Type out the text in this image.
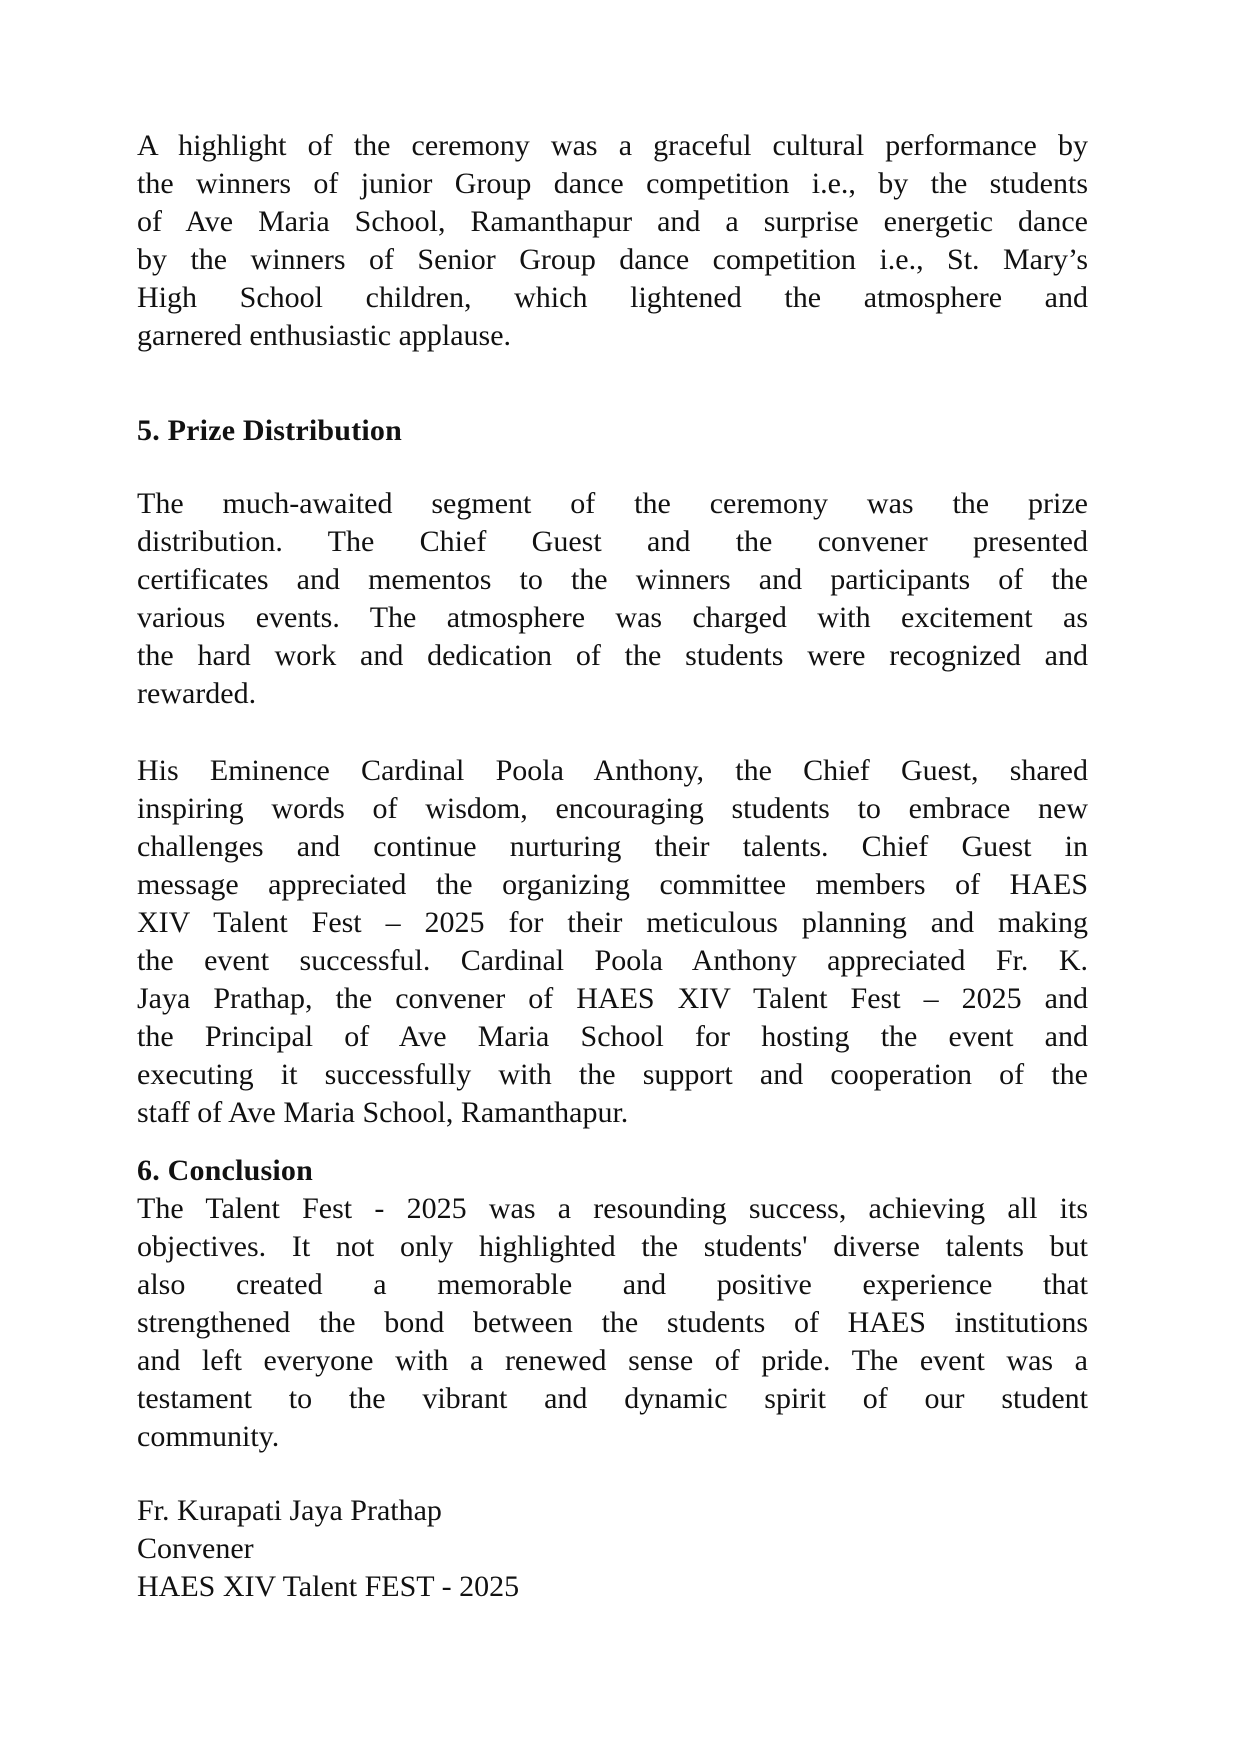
A highlight of the ceremony was a graceful cultural performance by
the winners of junior Group dance competition i.e., by the students
of Ave Maria School, Ramanthapur and a surprise energetic dance
by the winners of Senior Group dance competition i.e., St. Mary’s
High School children, which lightened the atmosphere and
garnered enthusiastic applause.
5. Prize Distribution
The much-awaited segment of the ceremony was the prize
distribution. The Chief Guest and the convener presented
certificates and mementos to the winners and participants of the
various events. The atmosphere was charged with excitement as
the hard work and dedication of the students were recognized and
rewarded.
His Eminence Cardinal Poola Anthony, the Chief Guest, shared
inspiring words of wisdom, encouraging students to embrace new
challenges and continue nurturing their talents. Chief Guest in
message appreciated the organizing committee members of HAES
XIV Talent Fest – 2025 for their meticulous planning and making
the event successful. Cardinal Poola Anthony appreciated Fr. K.
Jaya Prathap, the convener of HAES XIV Talent Fest – 2025 and
the Principal of Ave Maria School for hosting the event and
executing it successfully with the support and cooperation of the
staff of Ave Maria School, Ramanthapur.
6. Conclusion
The Talent Fest - 2025 was a resounding success, achieving all its
objectives. It not only highlighted the students' diverse talents but
also created a memorable and positive experience that
strengthened the bond between the students of HAES institutions
and left everyone with a renewed sense of pride. The event was a
testament to the vibrant and dynamic spirit of our student
community.
Fr. Kurapati Jaya Prathap
Convener
HAES XIV Talent FEST - 2025
